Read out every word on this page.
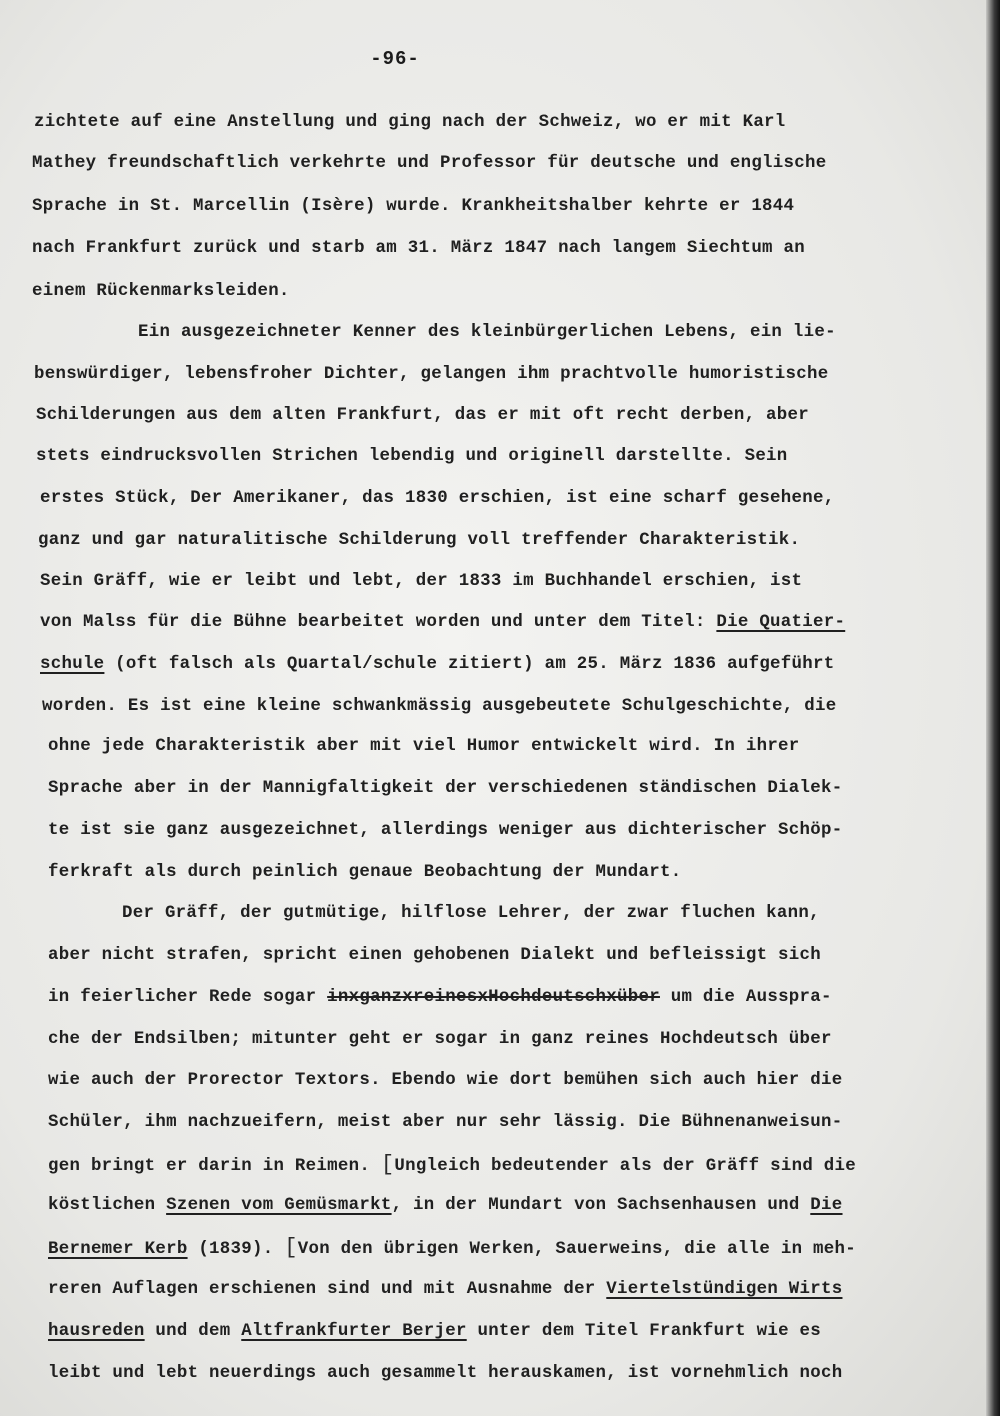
-96-
zichtete auf eine Anstellung und ging nach der Schweiz, wo er mit Karl
Mathey freundschaftlich verkehrte und Professor für deutsche und englische
Sprache in St. Marcellin (Isère) wurde. Krankheitshalber kehrte er 1844
nach Frankfurt zurück und starb am 31. März 1847 nach langem Siechtum an
einem Rückenmarksleiden.
Ein ausgezeichneter Kenner des kleinbürgerlichen Lebens, ein lie-
benswürdiger, lebensfroher Dichter, gelangen ihm prachtvolle humoristische
Schilderungen aus dem alten Frankfurt, das er mit oft recht derben, aber
stets eindrucksvollen Strichen lebendig und originell darstellte. Sein
erstes Stück, Der Amerikaner, das 1830 erschien, ist eine scharf gesehene,
ganz und gar naturalitische Schilderung voll treffender Charakteristik.
Sein Gräff, wie er leibt und lebt, der 1833 im Buchhandel erschien, ist
von Malss für die Bühne bearbeitet worden und unter dem Titel: Die Quatier-
schule (oft falsch als Quartal/schule zitiert) am 25. März 1836 aufgeführt
worden. Es ist eine kleine schwankmässig ausgebeutete Schulgeschichte, die
ohne jede Charakteristik aber mit viel Humor entwickelt wird. In ihrer
Sprache aber in der Mannigfaltigkeit der verschiedenen ständischen Dialek-
te ist sie ganz ausgezeichnet, allerdings weniger aus dichterischer Schöp-
ferkraft als durch peinlich genaue Beobachtung der Mundart.
Der Gräff, der gutmütige, hilflose Lehrer, der zwar fluchen kann,
aber nicht strafen, spricht einen gehobenen Dialekt und befleissigt sich
in feierlicher Rede sogar inxganzxreinesxHochdeutschxüber um die Ausspra-
che der Endsilben; mitunter geht er sogar in ganz reines Hochdeutsch über
wie auch der Prorector Textors. Ebendo wie dort bemühen sich auch hier die
Schüler, ihm nachzueifern, meist aber nur sehr lässig. Die Bühnenanweisun-
gen bringt er darin in Reimen. [Ungleich bedeutender als der Gräff sind die
köstlichen Szenen vom Gemüsmarkt, in der Mundart von Sachsenhausen und Die
Bernemer Kerb (1839). [Von den übrigen Werken, Sauerweins, die alle in meh-
reren Auflagen erschienen sind und mit Ausnahme der Viertelstündigen Wirts
hausreden und dem Altfrankfurter Berjer unter dem Titel Frankfurt wie es
leibt und lebt neuerdings auch gesammelt herauskamen, ist vornehmlich noch
